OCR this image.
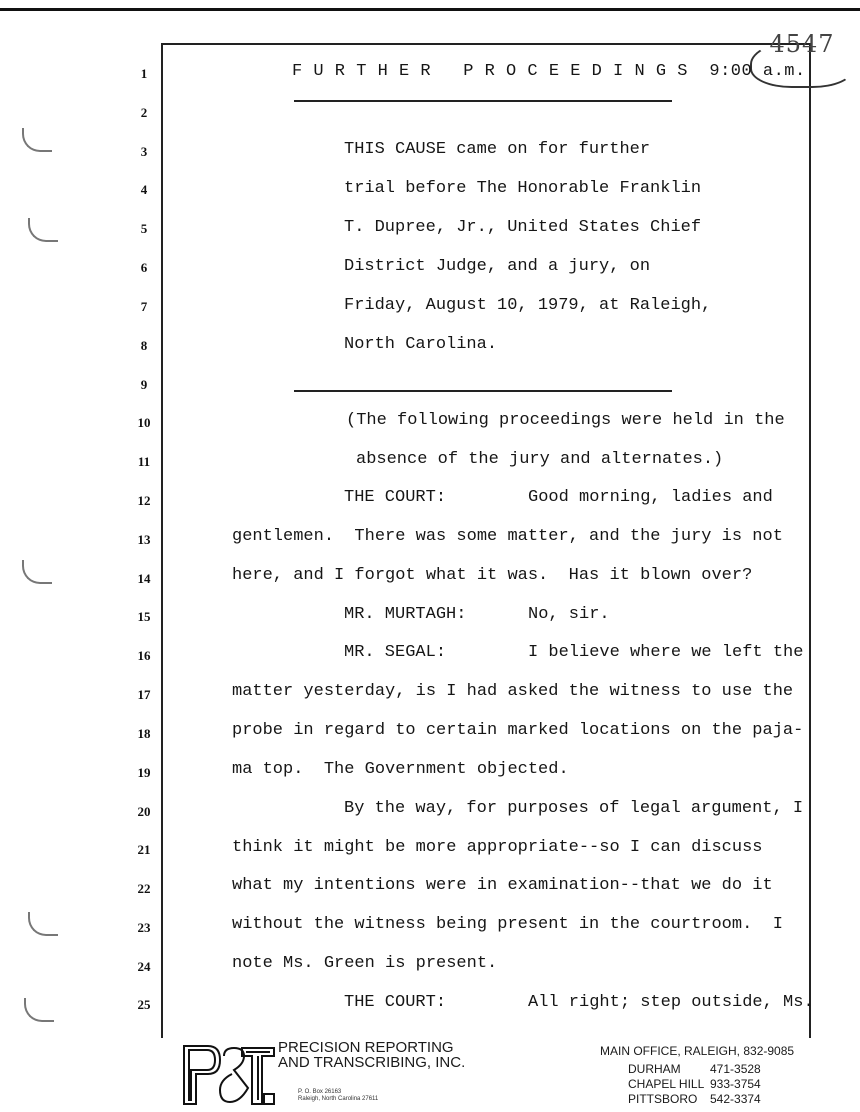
4547
1
2
3
4
5
6
7
8
9
10
11
12
13
14
15
16
17
18
19
20
21
22
23
24
25
F U R T H E R   P R O C E E D I N G S  9:00 a.m.
THIS CAUSE came on for further
trial before The Honorable Franklin
T. Dupree, Jr., United States Chief
District Judge, and a jury, on
Friday, August 10, 1979, at Raleigh,
North Carolina.
(The following proceedings were held in the
absence of the jury and alternates.)
THE COURT:	Good morning, ladies and
gentlemen.  There was some matter, and the jury is not
here, and I forgot what it was.  Has it blown over?
MR. MURTAGH:	No, sir.
MR. SEGAL:	I believe where we left the
matter yesterday, is I had asked the witness to use the
probe in regard to certain marked locations on the paja-
ma top.  The Government objected.
By the way, for purposes of legal argument, I
think it might be more appropriate--so I can discuss
what my intentions were in examination--that we do it
without the witness being present in the courtroom.  I
note Ms. Green is present.
THE COURT:	All right; step outside, Ms.
PRECISION REPORTING
AND TRANSCRIBING, INC.
P. O. Box 26163
Raleigh, North Carolina 27611
MAIN OFFICE, RALEIGH, 832-9085
DURHAM 471-3528
CHAPEL HILL 933-3754
PITTSBORO 542-3374
